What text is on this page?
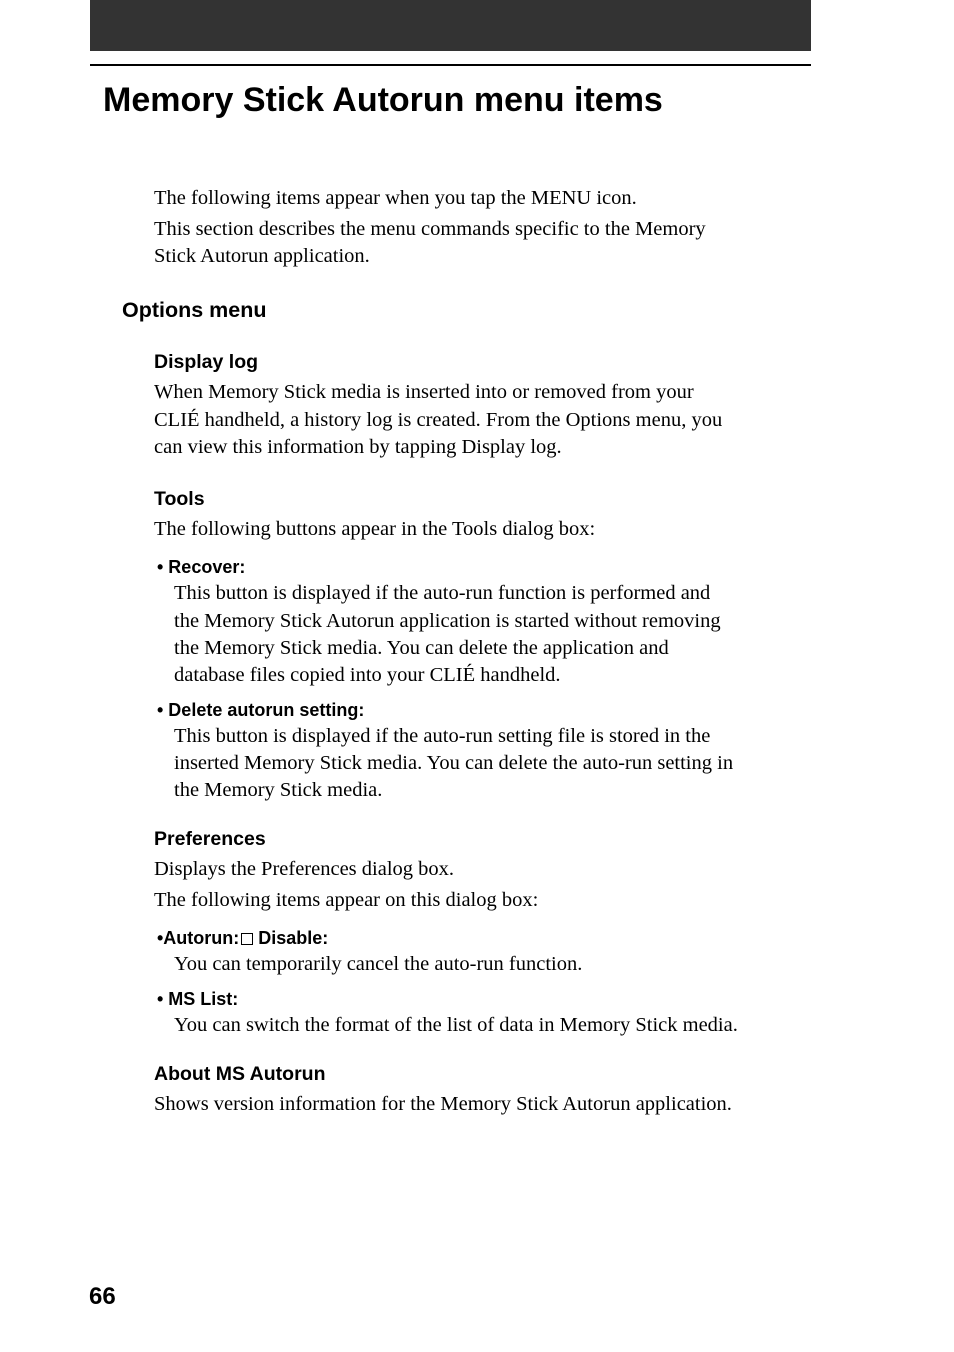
Memory Stick Autorun menu items

The following items appear when you tap the MENU icon.

This section describes the menu commands specific to the Memory

Stick Autorun application.

Options menu
Display log

When Memory Stick media is inserted into or removed from your

CLIÉ handheld, a history log is created. From the Options menu, you

can view this information by tapping Display log.

Tools

The following buttons appear in the Tools dialog box:

• Recover:

This button is displayed if the auto-run function is performed and

the Memory Stick Autorun application is started without removing

the Memory Stick media. You can delete the application and

database files copied into your CLIÉ handheld.

• Delete autorun setting:

This button is displayed if the auto-run setting file is stored in the

inserted Memory Stick media. You can delete the auto-run setting in

the Memory Stick media.

Preferences

Displays the Preferences dialog box.

The following items appear on this dialog box:

•Autorun: Disable:

You can temporarily cancel the auto-run function.

• MS List:

You can switch the format of the list of data in Memory Stick media.

About MS Autorun

Shows version information for the Memory Stick Autorun application.

66
